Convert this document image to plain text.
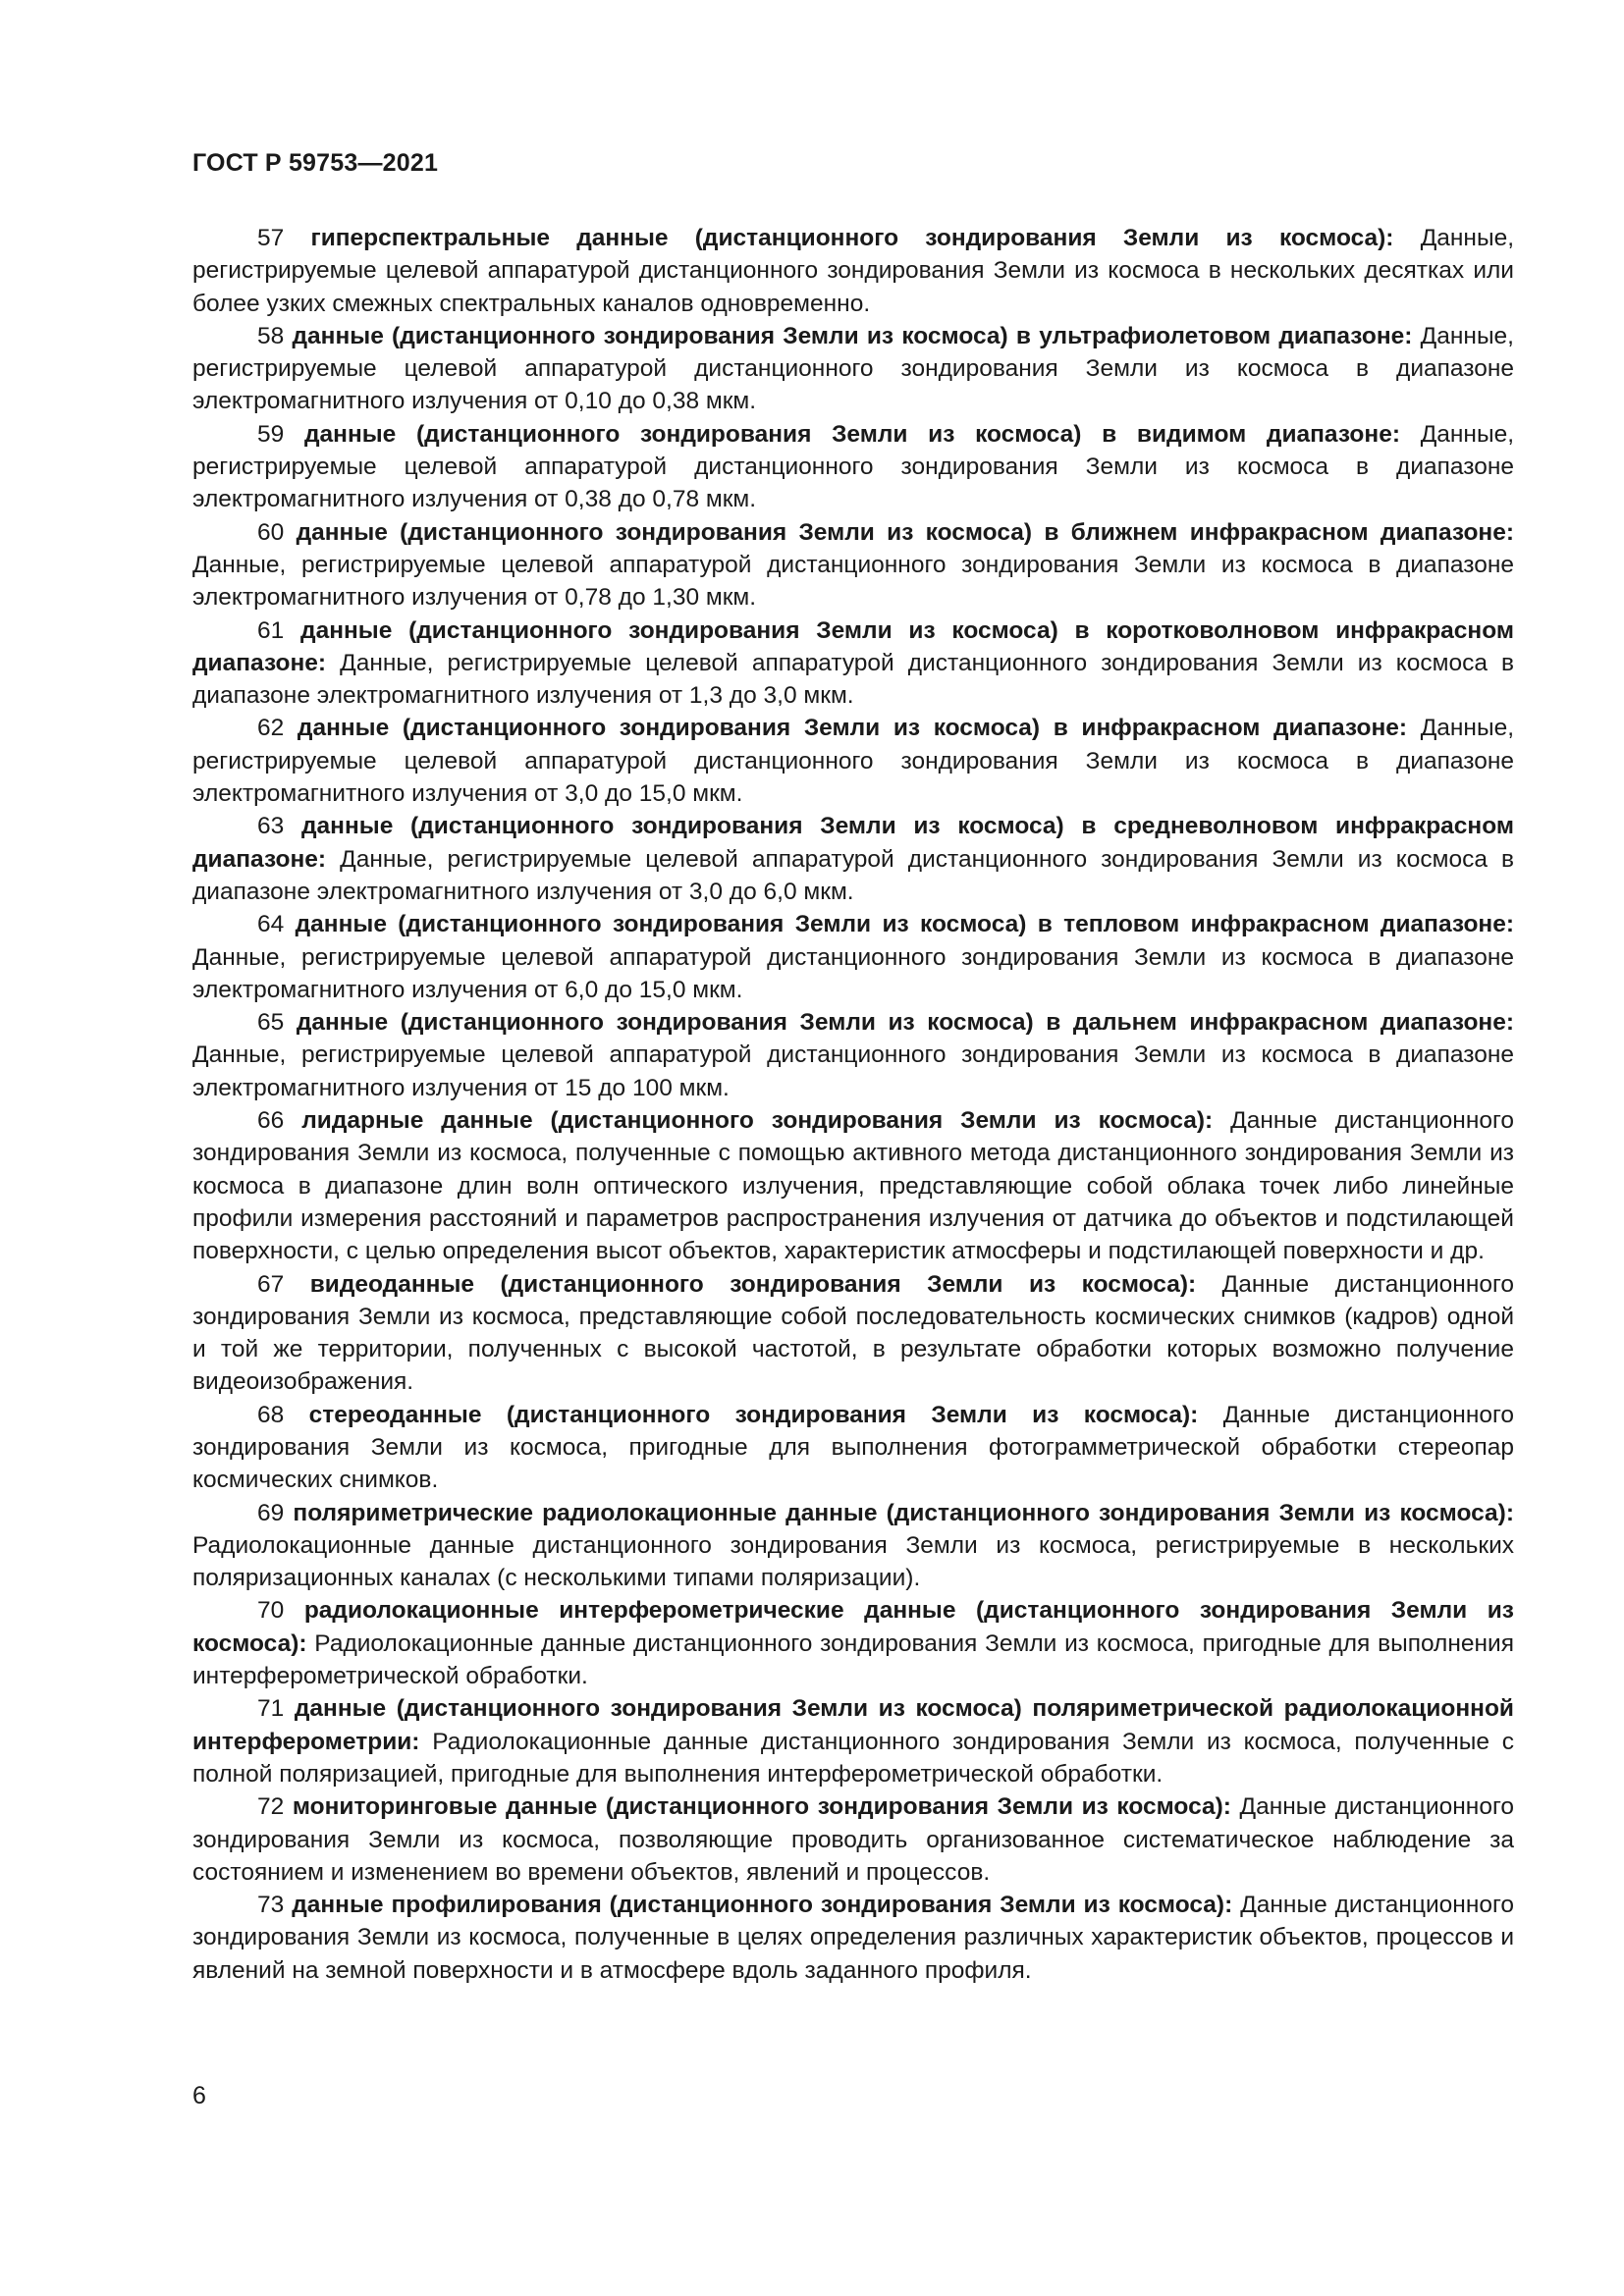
ГОСТ Р 59753—2021

57 гиперспектральные данные (дистанционного зондирования Земли из космоса): Данные, регистрируемые целевой аппаратурой дистанционного зондирования Земли из космоса в нескольких десятках или более узких смежных спектральных каналов одновременно.

58 данные (дистанционного зондирования Земли из космоса) в ультрафиолетовом диапазоне: Данные, регистрируемые целевой аппаратурой дистанционного зондирования Земли из космоса в диапазоне электромагнитного излучения от 0,10 до 0,38 мкм.

59 данные (дистанционного зондирования Земли из космоса) в видимом диапазоне: Данные, регистрируемые целевой аппаратурой дистанционного зондирования Земли из космоса в диапазоне электромагнитного излучения от 0,38 до 0,78 мкм.

60 данные (дистанционного зондирования Земли из космоса) в ближнем инфракрасном диапазоне: Данные, регистрируемые целевой аппаратурой дистанционного зондирования Земли из космоса в диапазоне электромагнитного излучения от 0,78 до 1,30 мкм.

61 данные (дистанционного зондирования Земли из космоса) в коротковолновом инфракрасном диапазоне: Данные, регистрируемые целевой аппаратурой дистанционного зондирования Земли из космоса в диапазоне электромагнитного излучения от 1,3 до 3,0 мкм.

62 данные (дистанционного зондирования Земли из космоса) в инфракрасном диапазоне: Данные, регистрируемые целевой аппаратурой дистанционного зондирования Земли из космоса в диапазоне электромагнитного излучения от 3,0 до 15,0 мкм.

63 данные (дистанционного зондирования Земли из космоса) в средневолновом инфракрасном диапазоне: Данные, регистрируемые целевой аппаратурой дистанционного зондирования Земли из космоса в диапазоне электромагнитного излучения от 3,0 до 6,0 мкм.

64 данные (дистанционного зондирования Земли из космоса) в тепловом инфракрасном диапазоне: Данные, регистрируемые целевой аппаратурой дистанционного зондирования Земли из космоса в диапазоне электромагнитного излучения от 6,0 до 15,0 мкм.

65 данные (дистанционного зондирования Земли из космоса) в дальнем инфракрасном диапазоне: Данные, регистрируемые целевой аппаратурой дистанционного зондирования Земли из космоса в диапазоне электромагнитного излучения от 15 до 100 мкм.

66 лидарные данные (дистанционного зондирования Земли из космоса): Данные дистанционного зондирования Земли из космоса, полученные с помощью активного метода дистанционного зондирования Земли из космоса в диапазоне длин волн оптического излучения, представляющие собой облака точек либо линейные профили измерения расстояний и параметров распространения излучения от датчика до объектов и подстилающей поверхности, с целью определения высот объектов, характеристик атмосферы и подстилающей поверхности и др.

67 видеоданные (дистанционного зондирования Земли из космоса): Данные дистанционного зондирования Земли из космоса, представляющие собой последовательность космических снимков (кадров) одной и той же территории, полученных с высокой частотой, в результате обработки которых возможно получение видеоизображения.

68 стереоданные (дистанционного зондирования Земли из космоса): Данные дистанционного зондирования Земли из космоса, пригодные для выполнения фотограмметрической обработки стереопар космических снимков.

69 поляриметрические радиолокационные данные (дистанционного зондирования Земли из космоса): Радиолокационные данные дистанционного зондирования Земли из космоса, регистрируемые в нескольких поляризационных каналах (с несколькими типами поляризации).

70 радиолокационные интерферометрические данные (дистанционного зондирования Земли из космоса): Радиолокационные данные дистанционного зондирования Земли из космоса, пригодные для выполнения интерферометрической обработки.

71 данные (дистанционного зондирования Земли из космоса) поляриметрической радиолокационной интерферометрии: Радиолокационные данные дистанционного зондирования Земли из космоса, полученные с полной поляризацией, пригодные для выполнения интерферометрической обработки.

72 мониторинговые данные (дистанционного зондирования Земли из космоса): Данные дистанционного зондирования Земли из космоса, позволяющие проводить организованное систематическое наблюдение за состоянием и изменением во времени объектов, явлений и процессов.

73 данные профилирования (дистанционного зондирования Земли из космоса): Данные дистанционного зондирования Земли из космоса, полученные в целях определения различных характеристик объектов, процессов и явлений на земной поверхности и в атмосфере вдоль заданного профиля.

6
